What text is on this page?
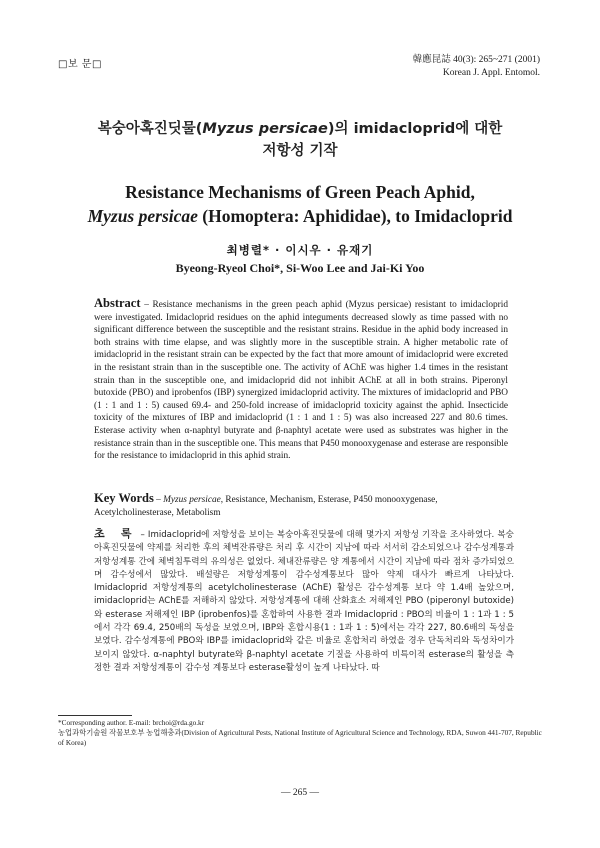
□보 문□	韓應昆誌 40(3): 265~271 (2001)
Korean J. Appl. Entomol.
복숭아혹진딧물(Myzus persicae)의 imidacloprid에 대한
저항성 기작
Resistance Mechanisms of Green Peach Aphid,
Myzus persicae (Homoptera: Aphididae), to Imidacloprid
최병렬* · 이시우 · 유재기
Byeong-Ryeol Choi*, Si-Woo Lee and Jai-Ki Yoo
Abstract – Resistance mechanisms in the green peach aphid (Myzus persicae) resistant to imidacloprid were investigated. Imidacloprid residues on the aphid integuments decreased slowly as time passed with no significant difference between the susceptible and the resistant strains. Residue in the aphid body increased in both strains with time elapse, and was slightly more in the susceptible strain. A higher metabolic rate of imidacloprid in the resistant strain can be expected by the fact that more amount of imidacloprid were excreted in the resistant strain than in the susceptible one. The activity of AChE was higher 1.4 times in the resistant strain than in the susceptible one, and imidacloprid did not inhibit AChE at all in both strains. Piperonyl butoxide (PBO) and iprobenfos (IBP) synergized imidacloprid activity. The mixtures of imidacloprid and PBO (1 : 1 and 1 : 5) caused 69.4- and 250-fold increase of imidacloprid toxicity against the aphid. Insecticide toxicity of the mixtures of IBP and imidacloprid (1 : 1 and 1 : 5) was also increased 227 and 80.6 times. Esterase activity when α-naphtyl butyrate and β-naphtyl acetate were used as substrates was higher in the resistance strain than in the susceptible one. This means that P450 monooxygenase and esterase are responsible for the resistance to imidacloprid in this aphid strain.
Key Words – Myzus persicae, Resistance, Mechanism, Esterase, P450 monooxygenase, Acetylcholinesterase, Metabolism
초 록 – Imidacloprid에 저항성을 보이는 복숭아혹진딧물에 대해 몇가지 저항성 기작을 조사하였다. 복숭아혹진딧물에 약제를 처리한 후의 체벽잔류량은 처리 후 시간이 지남에 따라 서서히 감소되었으나 감수성계통과 저항성계통 간에 체벽침투력의 유의성은 없었다. 체내잔류량은 양 계통에서 시간이 지남에 따라 점차 증가되었으며 감수성에서 많았다. 배설량은 저항성계통이 감수성계통보다 많아 약제 대사가 빠르게 나타났다. Imidacloprid 저항성계통의 acetylcholinesterase (AChE) 활성은 감수성계통 보다 약 1.4배 높았으며, imidacloprid는 AChE를 저해하지 않았다. 저항성계통에 대해 산화효소 저해제인 PBO (piperonyl butoxide)와 esterase 저해제인 IBP (iprobenfos)를 혼합하여 사용한 결과 Imidacloprid : PBO의 비율이 1 : 1과 1 : 5에서 각각 69.4, 250배의 독성을 보였으며, IBP와 혼합시용(1 : 1과 1 : 5)에서는 각각 227, 80.6배의 독성을 보였다. 감수성계통에 PBO와 IBP를 imidacloprid와 같은 비율로 혼합처리 하였을 경우 단독처리와 독성차이가 보이지 않았다. α-naphtyl butyrate와 β-naphtyl acetate 기질을 사용하여 비특이적 esterase의 활성을 측정한 결과 저항성계통이 감수성 계통보다 esterase활성이 높게 나타났다. 따

*Corresponding author. E-mail: brchoi@rda.go.kr

농업과학기술원 작물보호부 농업해충과(Division of Agricultural Pests, National Institute of Agricultural Science and Technology, RDA, Suwon 441-707, Republic of Korea)

— 265 —
